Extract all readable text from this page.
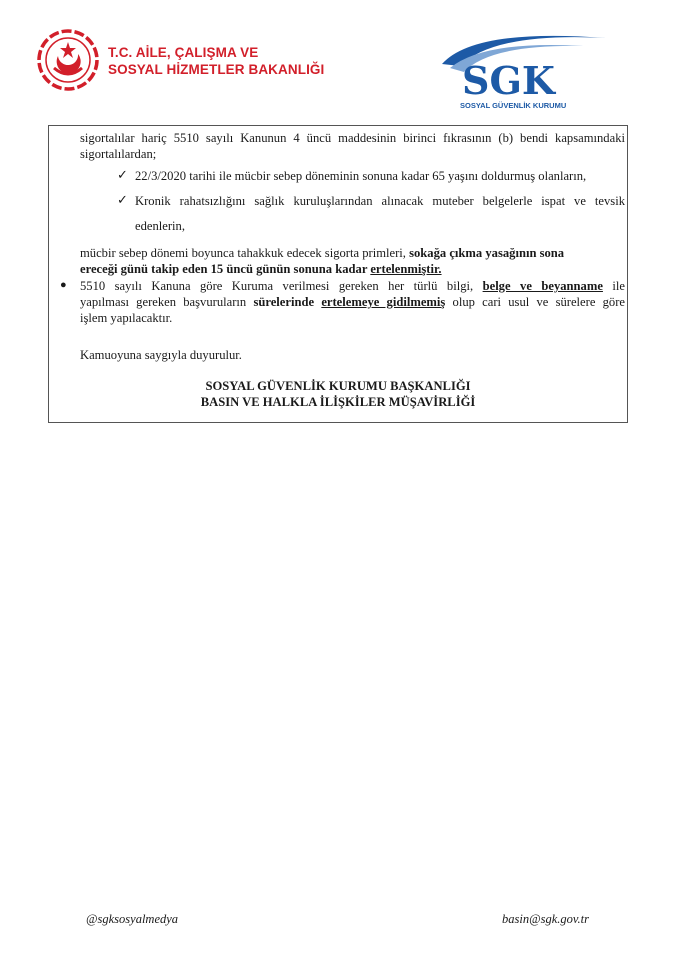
T.C. AİLE, ÇALIŞMA VE
SOSYAL HİZMETLER BAKANLIĞI	SGK
SOSYAL GÜVENLİK KURUMU

sigortalılar hariç 5510 sayılı Kanunun 4 üncü maddesinin birinci fıkrasının (b) bendi kapsamındaki

sigortalılardan;

✓ 22/3/2020 tarihi ile mücbir sebep döneminin sonuna kadar 65 yaşını doldurmuş olanların,

✓ Kronik rahatsızlığını sağlık kuruluşlarından alınacak muteber belgelerle ispat ve tevsik

edenlerin,

mücbir sebep dönemi boyunca tahakkuk edecek sigorta primleri, sokağa çıkma yasağının sona

ereceği günü takip eden 15 üncü günün sonuna kadar ertelenmiştir.

● 5510 sayılı Kanuna göre Kuruma verilmesi gereken her türlü bilgi, belge ve beyanname ile

yapılması gereken başvuruların sürelerinde ertelemeye gidilmemiş olup cari usul ve sürelere göre

işlem yapılacaktır.

Kamuoyuna saygıyla duyurulur.

SOSYAL GÜVENLİK KURUMU BAŞKANLIĞI

BASIN VE HALKLA İLİŞKİLER MÜŞAVİRLİĞİ

@sgksosyalmedya	basin@sgk.gov.tr
